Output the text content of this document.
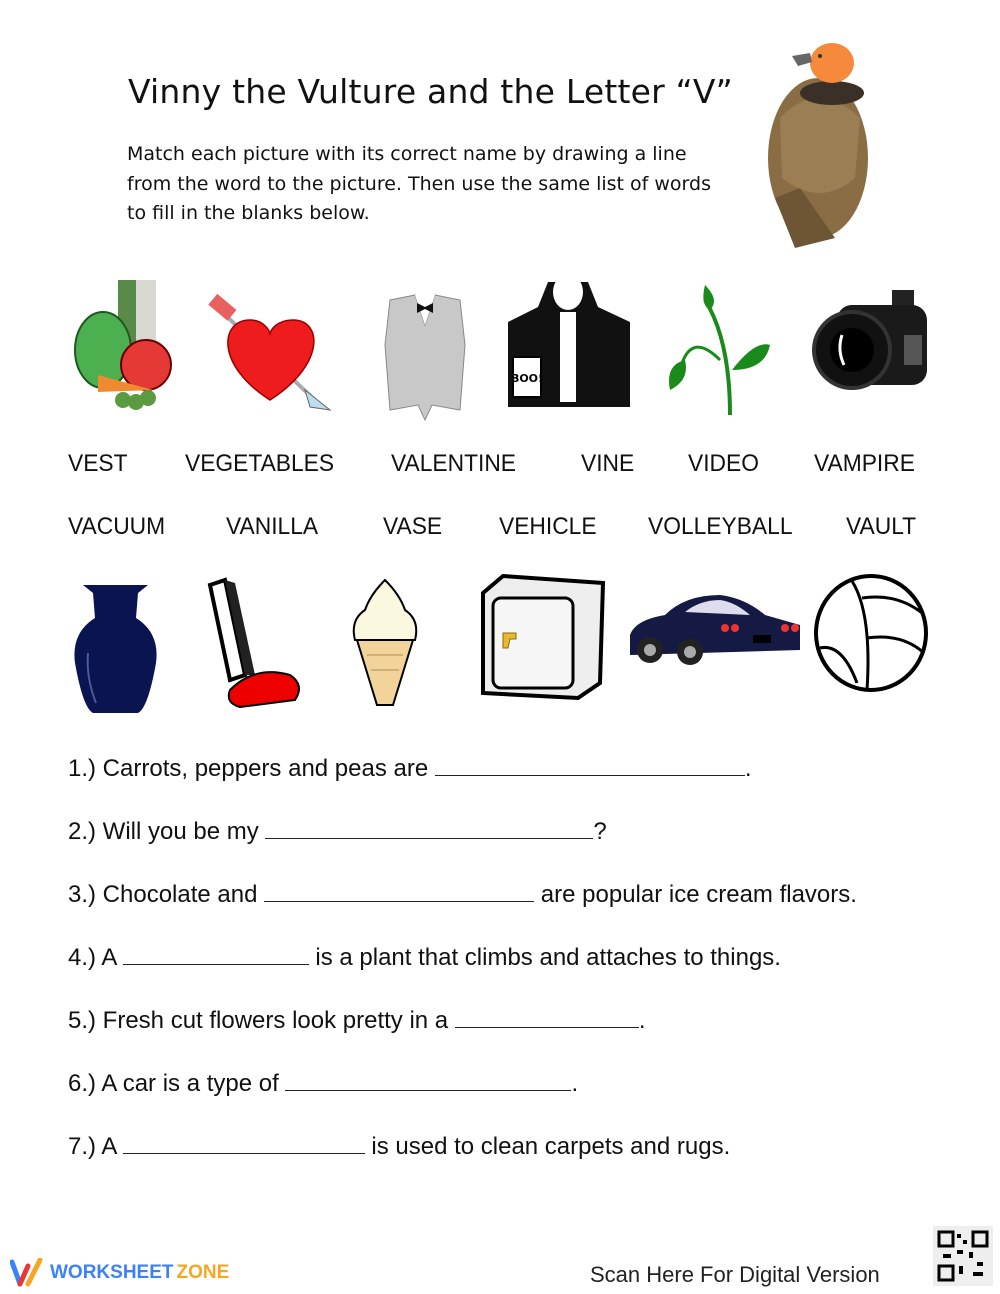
Vinny the Vulture and the Letter “V”
Match each picture with its correct name by drawing a line from the word to the picture. Then use the same list of words to fill in the blanks below.
BOO!
VEST VEGETABLES VALENTINE	VINE VIDEO VAMPIRE
VACUUM	VANILLA	VASE VEHICLE VOLLEYBALL VAULT
1.) Carrots, peppers and peas are	.
2.) Will you be my	?
3.) Chocolate and	are popular ice cream flavors.
4.) A	is a plant that climbs and attaches to things.
5.) Fresh cut flowers look pretty in a	.
6.) A car is a type of	.
7.) A	is used to clean carpets and rugs.
WORKSHEET ZONE	Scan Here For Digital Version
